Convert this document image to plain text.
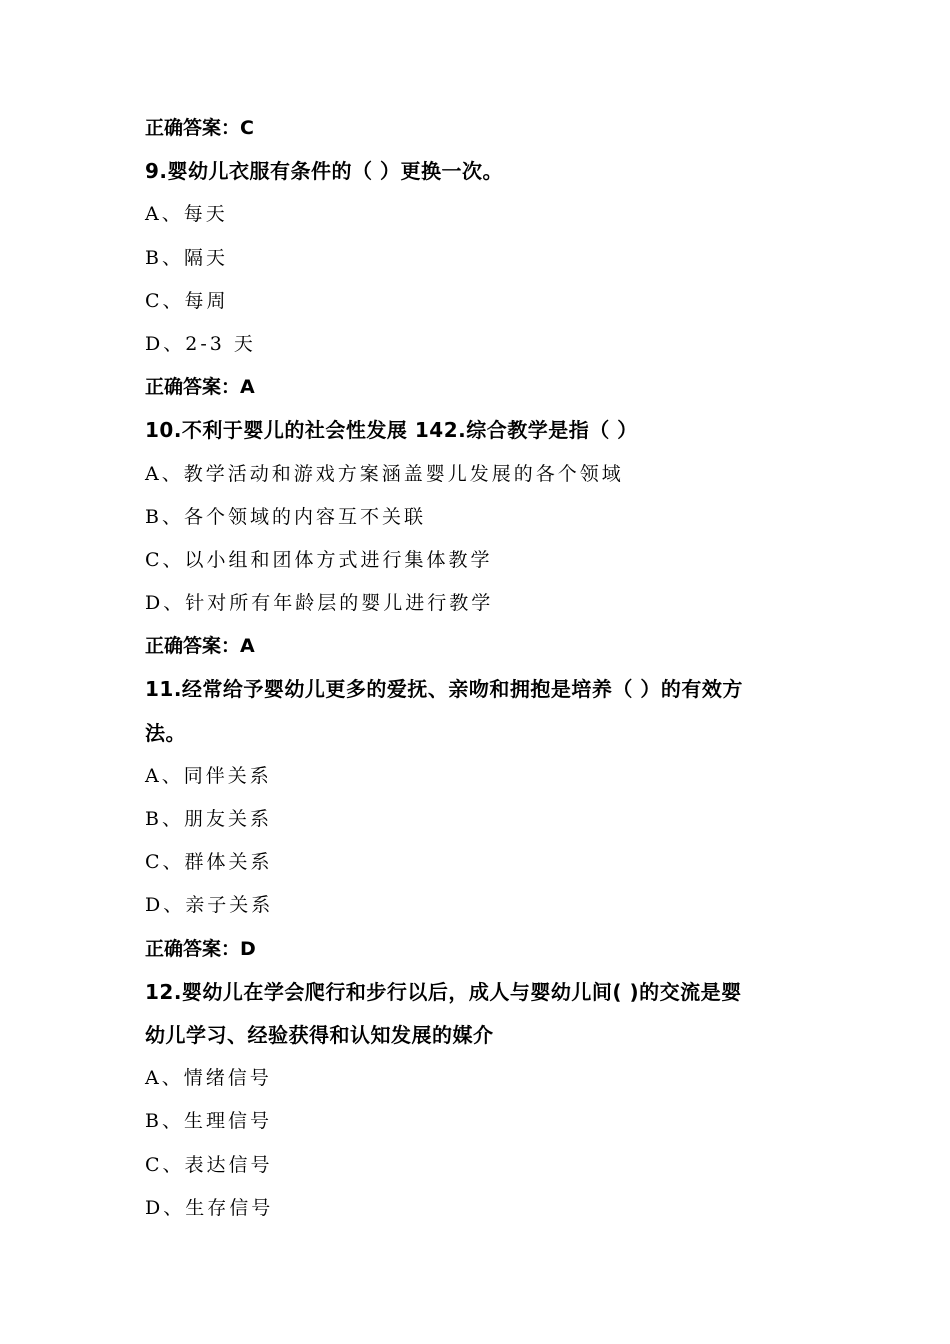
正确答案：C
9.婴幼儿衣服有条件的（ ）更换一次。
A、每天
B、隔天
C、每周
D、2-3 天
正确答案：A
10.不利于婴儿的社会性发展 142.综合教学是指（ ）
A、教学活动和游戏方案涵盖婴儿发展的各个领域
B、各个领域的内容互不关联
C、以小组和团体方式进行集体教学
D、针对所有年龄层的婴儿进行教学
正确答案：A
11.经常给予婴幼儿更多的爱抚、亲吻和拥抱是培养（ ）的有效方
法。
A、同伴关系
B、朋友关系
C、群体关系
D、亲子关系
正确答案：D
12.婴幼儿在学会爬行和步行以后，成人与婴幼儿间( )的交流是婴
幼儿学习、经验获得和认知发展的媒介
A、情绪信号
B、生理信号
C、表达信号
D、生存信号
